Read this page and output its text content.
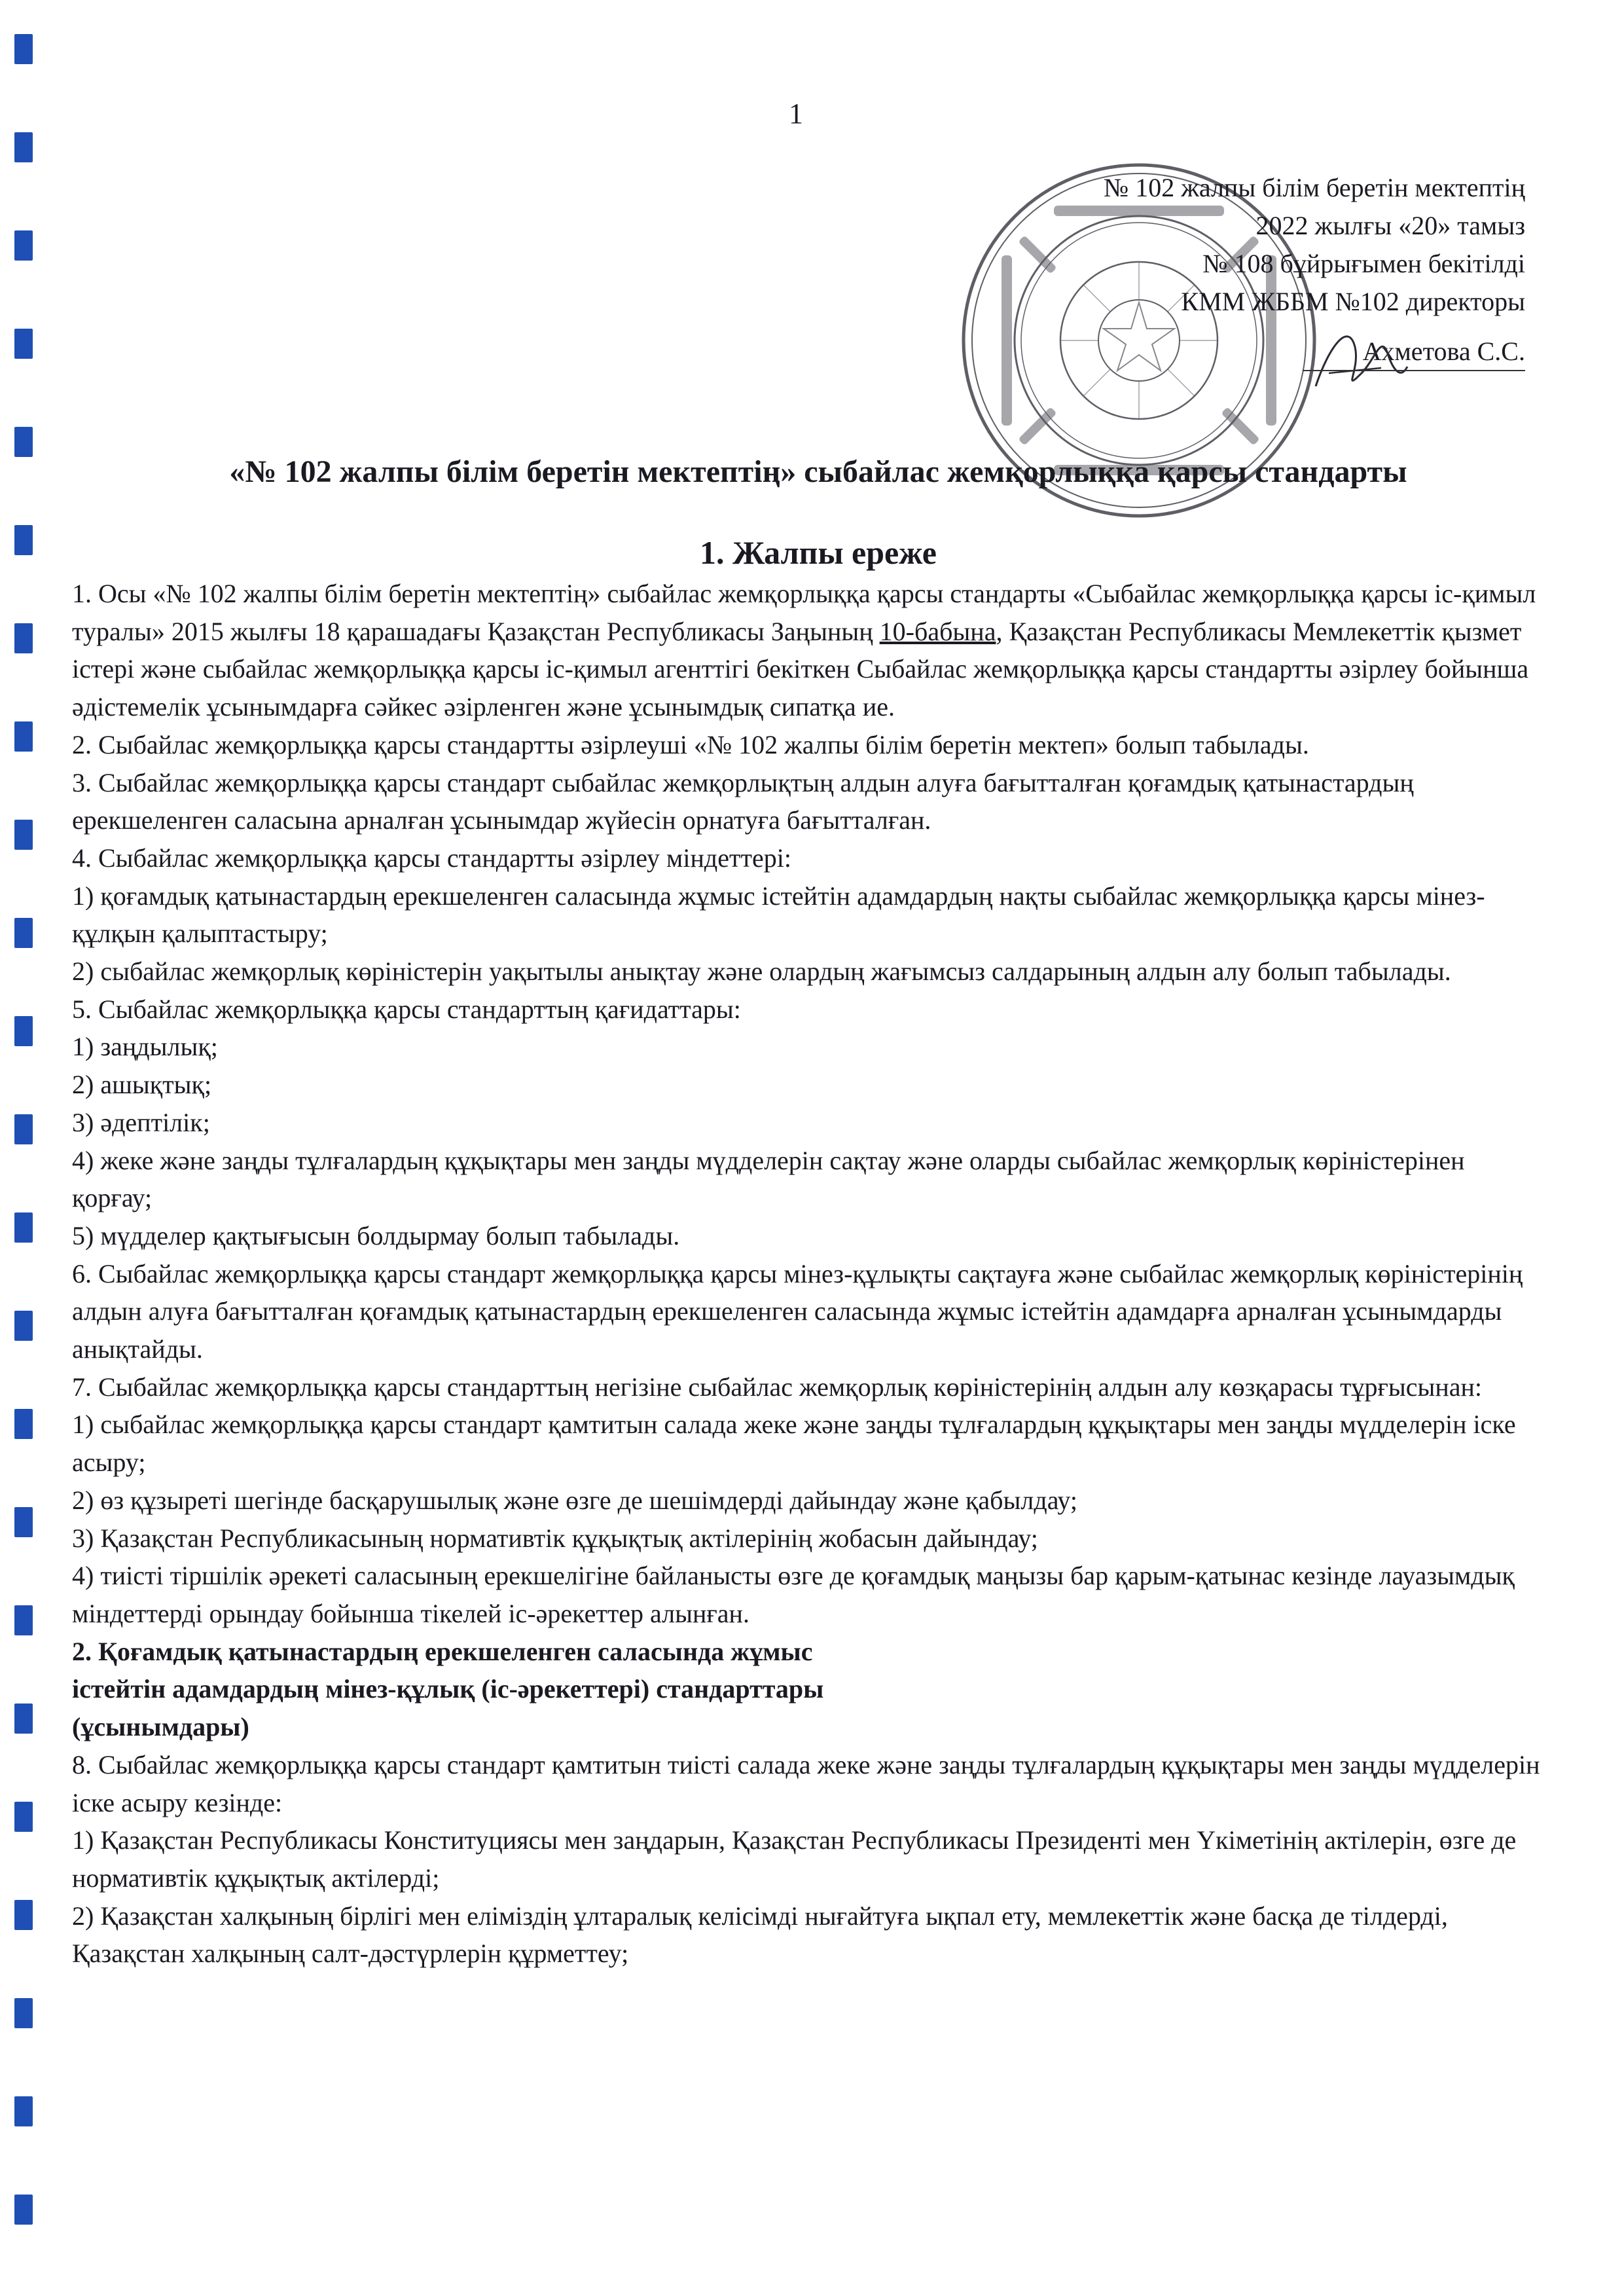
1
№ 102 жалпы білім беретін мектептің
2022 жылғы «20» тамыз
№ 108 бұйрығымен бекітілді
КММ ЖББМ №102 директоры
Ахметова С.С.
«№ 102 жалпы білім беретін мектептің» сыбайлас жемқорлыққа қарсы стандарты
1. Жалпы ереже

1. Осы «№ 102 жалпы білім беретін мектептің» сыбайлас жемқорлыққа қарсы стандарты «Сыбайлас жемқорлыққа қарсы іс-қимыл туралы» 2015 жылғы 18 қарашадағы Қазақстан Республикасы Заңының 10-бабына, Қазақстан Республикасы Мемлекеттік қызмет істері және сыбайлас жемқорлыққа қарсы іс-қимыл агенттігі бекіткен Сыбайлас жемқорлыққа қарсы стандартты әзірлеу бойынша әдістемелік ұсынымдарға сәйкес әзірленген және ұсынымдық сипатқа ие.

2. Сыбайлас жемқорлыққа қарсы стандартты әзірлеуші «№ 102 жалпы білім беретін мектеп» болып табылады.

3. Сыбайлас жемқорлыққа қарсы стандарт сыбайлас жемқорлықтың алдын алуға бағытталған қоғамдық қатынастардың ерекшеленген саласына арналған ұсынымдар жүйесін орнатуға бағытталған.

4. Сыбайлас жемқорлыққа қарсы стандартты әзірлеу міндеттері:

1) қоғамдық қатынастардың ерекшеленген саласында жұмыс істейтін адамдардың нақты сыбайлас жемқорлыққа қарсы мінез-құлқын қалыптастыру;

2) сыбайлас жемқорлық көріністерін уақытылы анықтау және олардың жағымсыз салдарының алдын алу болып табылады.

5. Сыбайлас жемқорлыққа қарсы стандарттың қағидаттары:

1) заңдылық;

2) ашықтық;

3) әдептілік;

4) жеке және заңды тұлғалардың құқықтары мен заңды мүдделерін сақтау және оларды сыбайлас жемқорлық көріністерінен қорғау;

5) мүдделер қақтығысын болдырмау болып табылады.

6. Сыбайлас жемқорлыққа қарсы стандарт жемқорлыққа қарсы мінез-құлықты сақтауға және сыбайлас жемқорлық көріністерінің алдын алуға бағытталған қоғамдық қатынастардың ерекшеленген саласында жұмыс істейтін адамдарға арналған ұсынымдарды анықтайды.

7. Сыбайлас жемқорлыққа қарсы стандарттың негізіне сыбайлас жемқорлық көріністерінің алдын алу көзқарасы тұрғысынан:

1) сыбайлас жемқорлыққа қарсы стандарт қамтитын салада жеке және заңды тұлғалардың құқықтары мен заңды мүдделерін іске асыру;

2) өз құзыреті шегінде басқарушылық және өзге де шешімдерді дайындау және қабылдау;

3) Қазақстан Республикасының нормативтік құқықтық актілерінің жобасын дайындау;

4) тиісті тіршілік әрекеті саласының ерекшелігіне байланысты өзге де қоғамдық маңызы бар қарым-қатынас кезінде лауазымдық міндеттерді орындау бойынша тікелей іс-әрекеттер алынған.

2. Қоғамдық қатынастардың ерекшеленген саласында жұмыс

істейтін адамдардың мінез-құлық (іс-әрекеттері) стандарттары

(ұсынымдары)

8. Сыбайлас жемқорлыққа қарсы стандарт қамтитын тиісті салада жеке және заңды тұлғалардың құқықтары мен заңды мүдделерін іске асыру кезінде:

1) Қазақстан Республикасы Конституциясы мен заңдарын, Қазақстан Республикасы Президенті мен Үкіметінің актілерін, өзге де нормативтік құқықтық актілерді;

2) Қазақстан халқының бірлігі мен еліміздің ұлтаралық келісімді нығайтуға ықпал ету, мемлекеттік және басқа де тілдерді, Қазақстан халқының салт-дәстүрлерін құрметтеу;
